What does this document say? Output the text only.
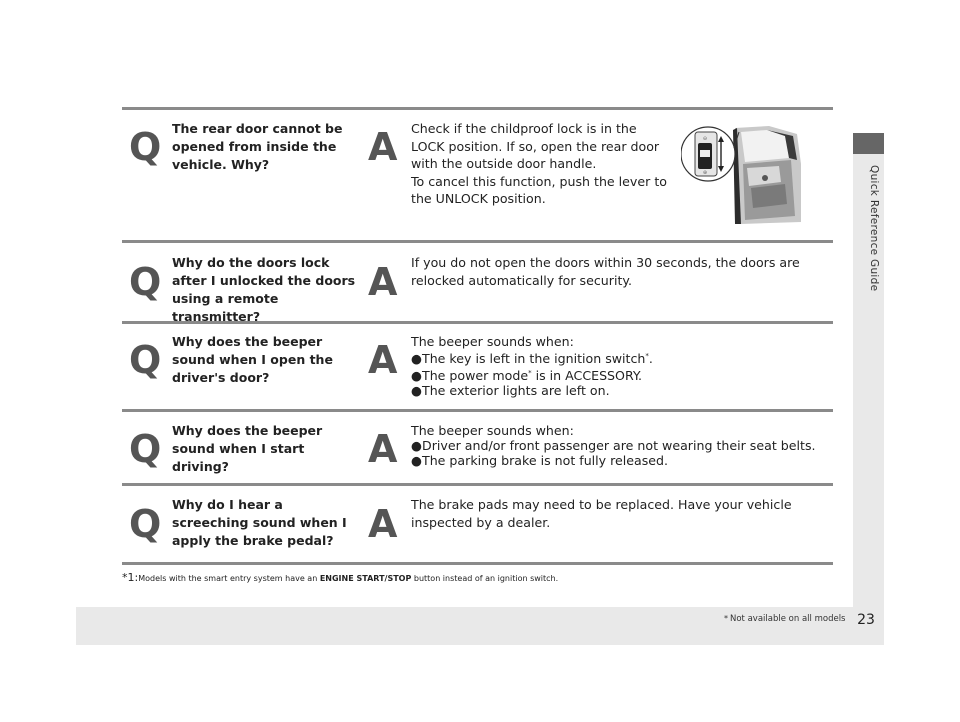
Quick Reference Guide
Q The rear door cannot be opened from inside the vehicle. Why?	A Check if the childproof lock is in the
LOCK position. If so, open the rear door
with the outside door handle.
To cancel this function, push the lever to
the UNLOCK position.
⊖
⊕
Q Why do the doors lock after I unlocked the doors using a remote transmitter?
A If you do not open the doors within 30 seconds, the doors are
relocked automatically for security.
Q Why does the beeper sound when I open the driver's door?	A The beeper sounds when:
●The key is left in the ignition switch*.
●The power mode* is in ACCESSORY.
●The exterior lights are left on.
Q Why does the beeper sound when I start driving?	A The beeper sounds when:
●Driver and/or front passenger are not wearing their seat belts.
●The parking brake is not fully released.
Q Why do I hear a screeching sound when I apply the brake pedal? A The brake pads may need to be replaced. Have your vehicle
inspected by a dealer.
*1:Models with the smart entry system have an ENGINE START/STOP button instead of an ignition switch.
* Not available on all models 23
